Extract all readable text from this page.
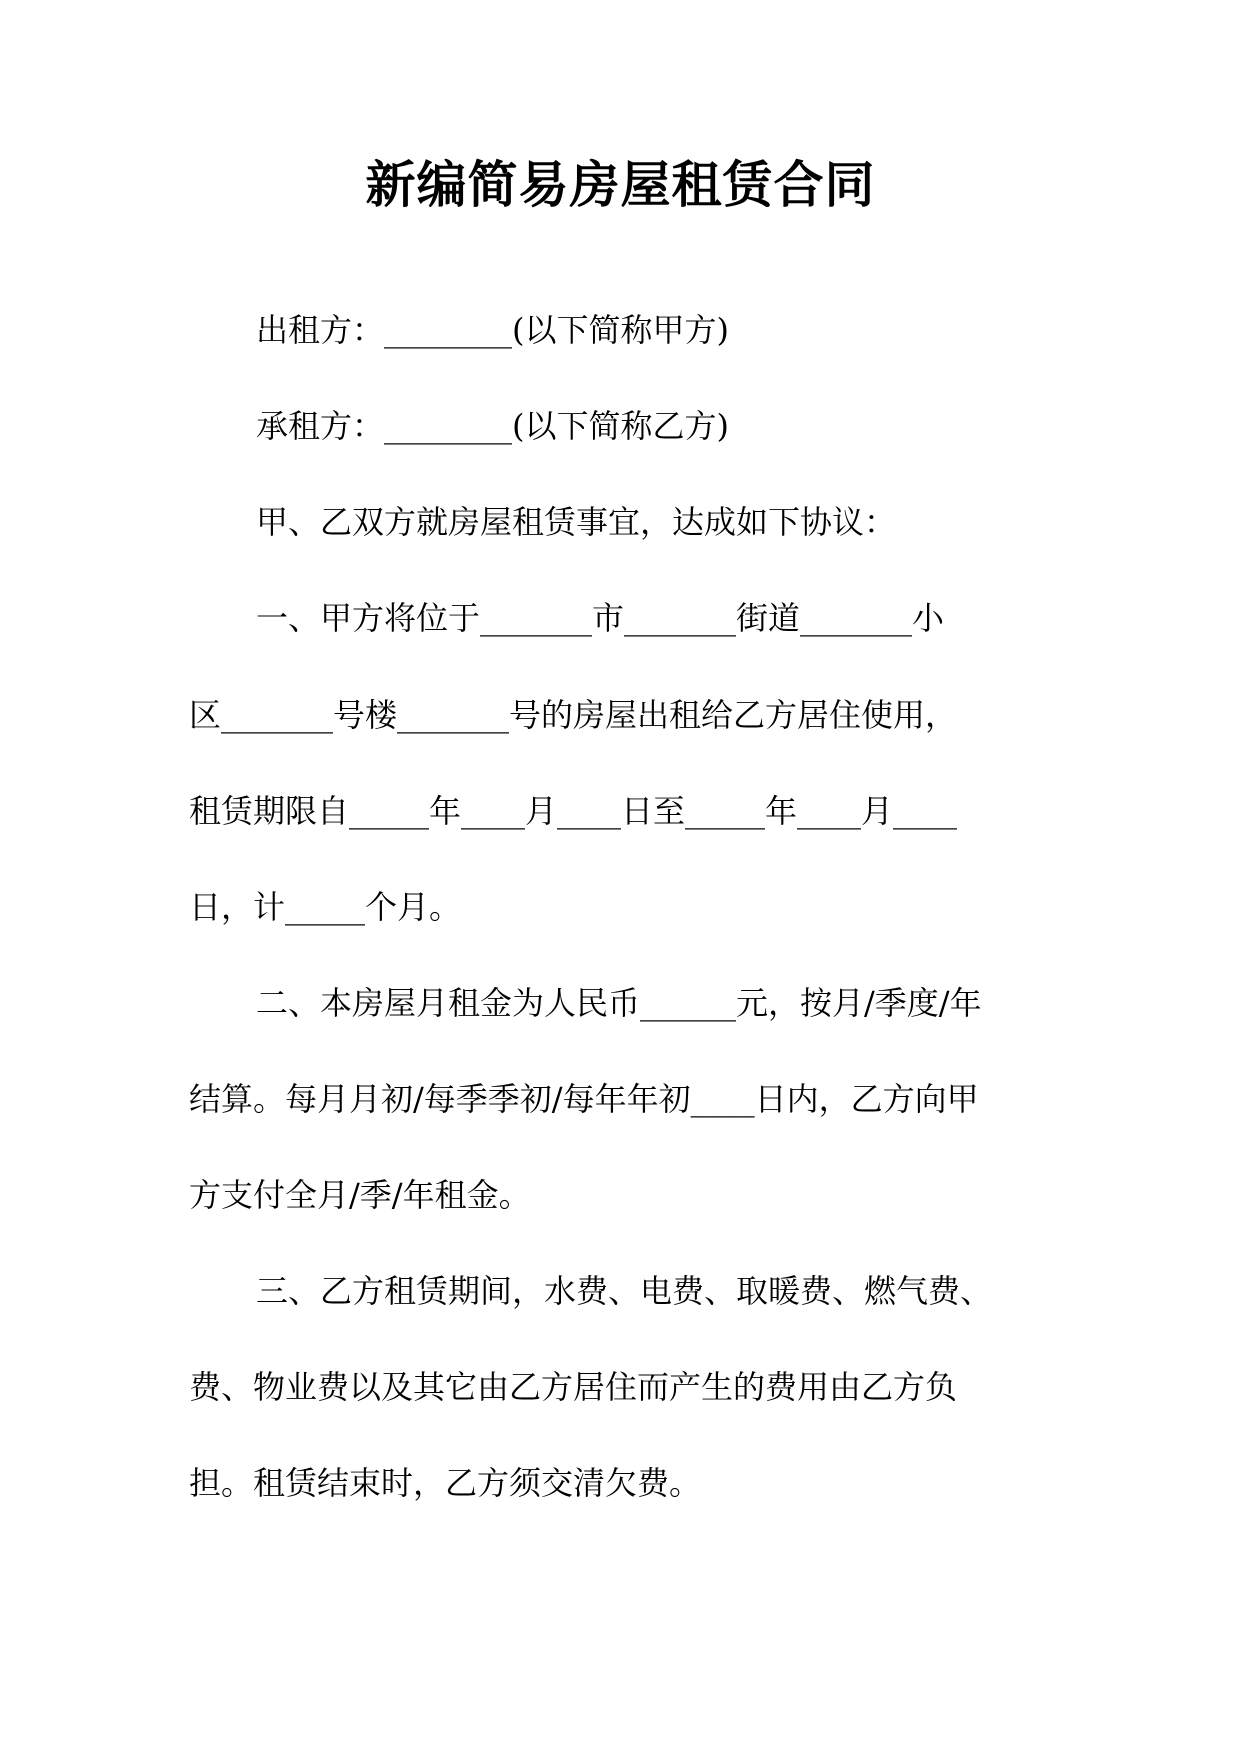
新编简易房屋租赁合同
出租方：________(以下简称甲方)
承租方：________(以下简称乙方)
甲、乙双方就房屋租赁事宜，达成如下协议：
一、甲方将位于_______市_______街道_______小
区_______号楼_______号的房屋出租给乙方居住使用，
租赁期限自_____年____月____日至_____年____月____
日，计_____个月。
二、本房屋月租金为人民币______元，按月/季度/年
结算。每月月初/每季季初/每年年初____日内，乙方向甲
方支付全月/季/年租金。
三、乙方租赁期间，水费、电费、取暖费、燃气费、
费、物业费以及其它由乙方居住而产生的费用由乙方负
担。租赁结束时，乙方须交清欠费。
